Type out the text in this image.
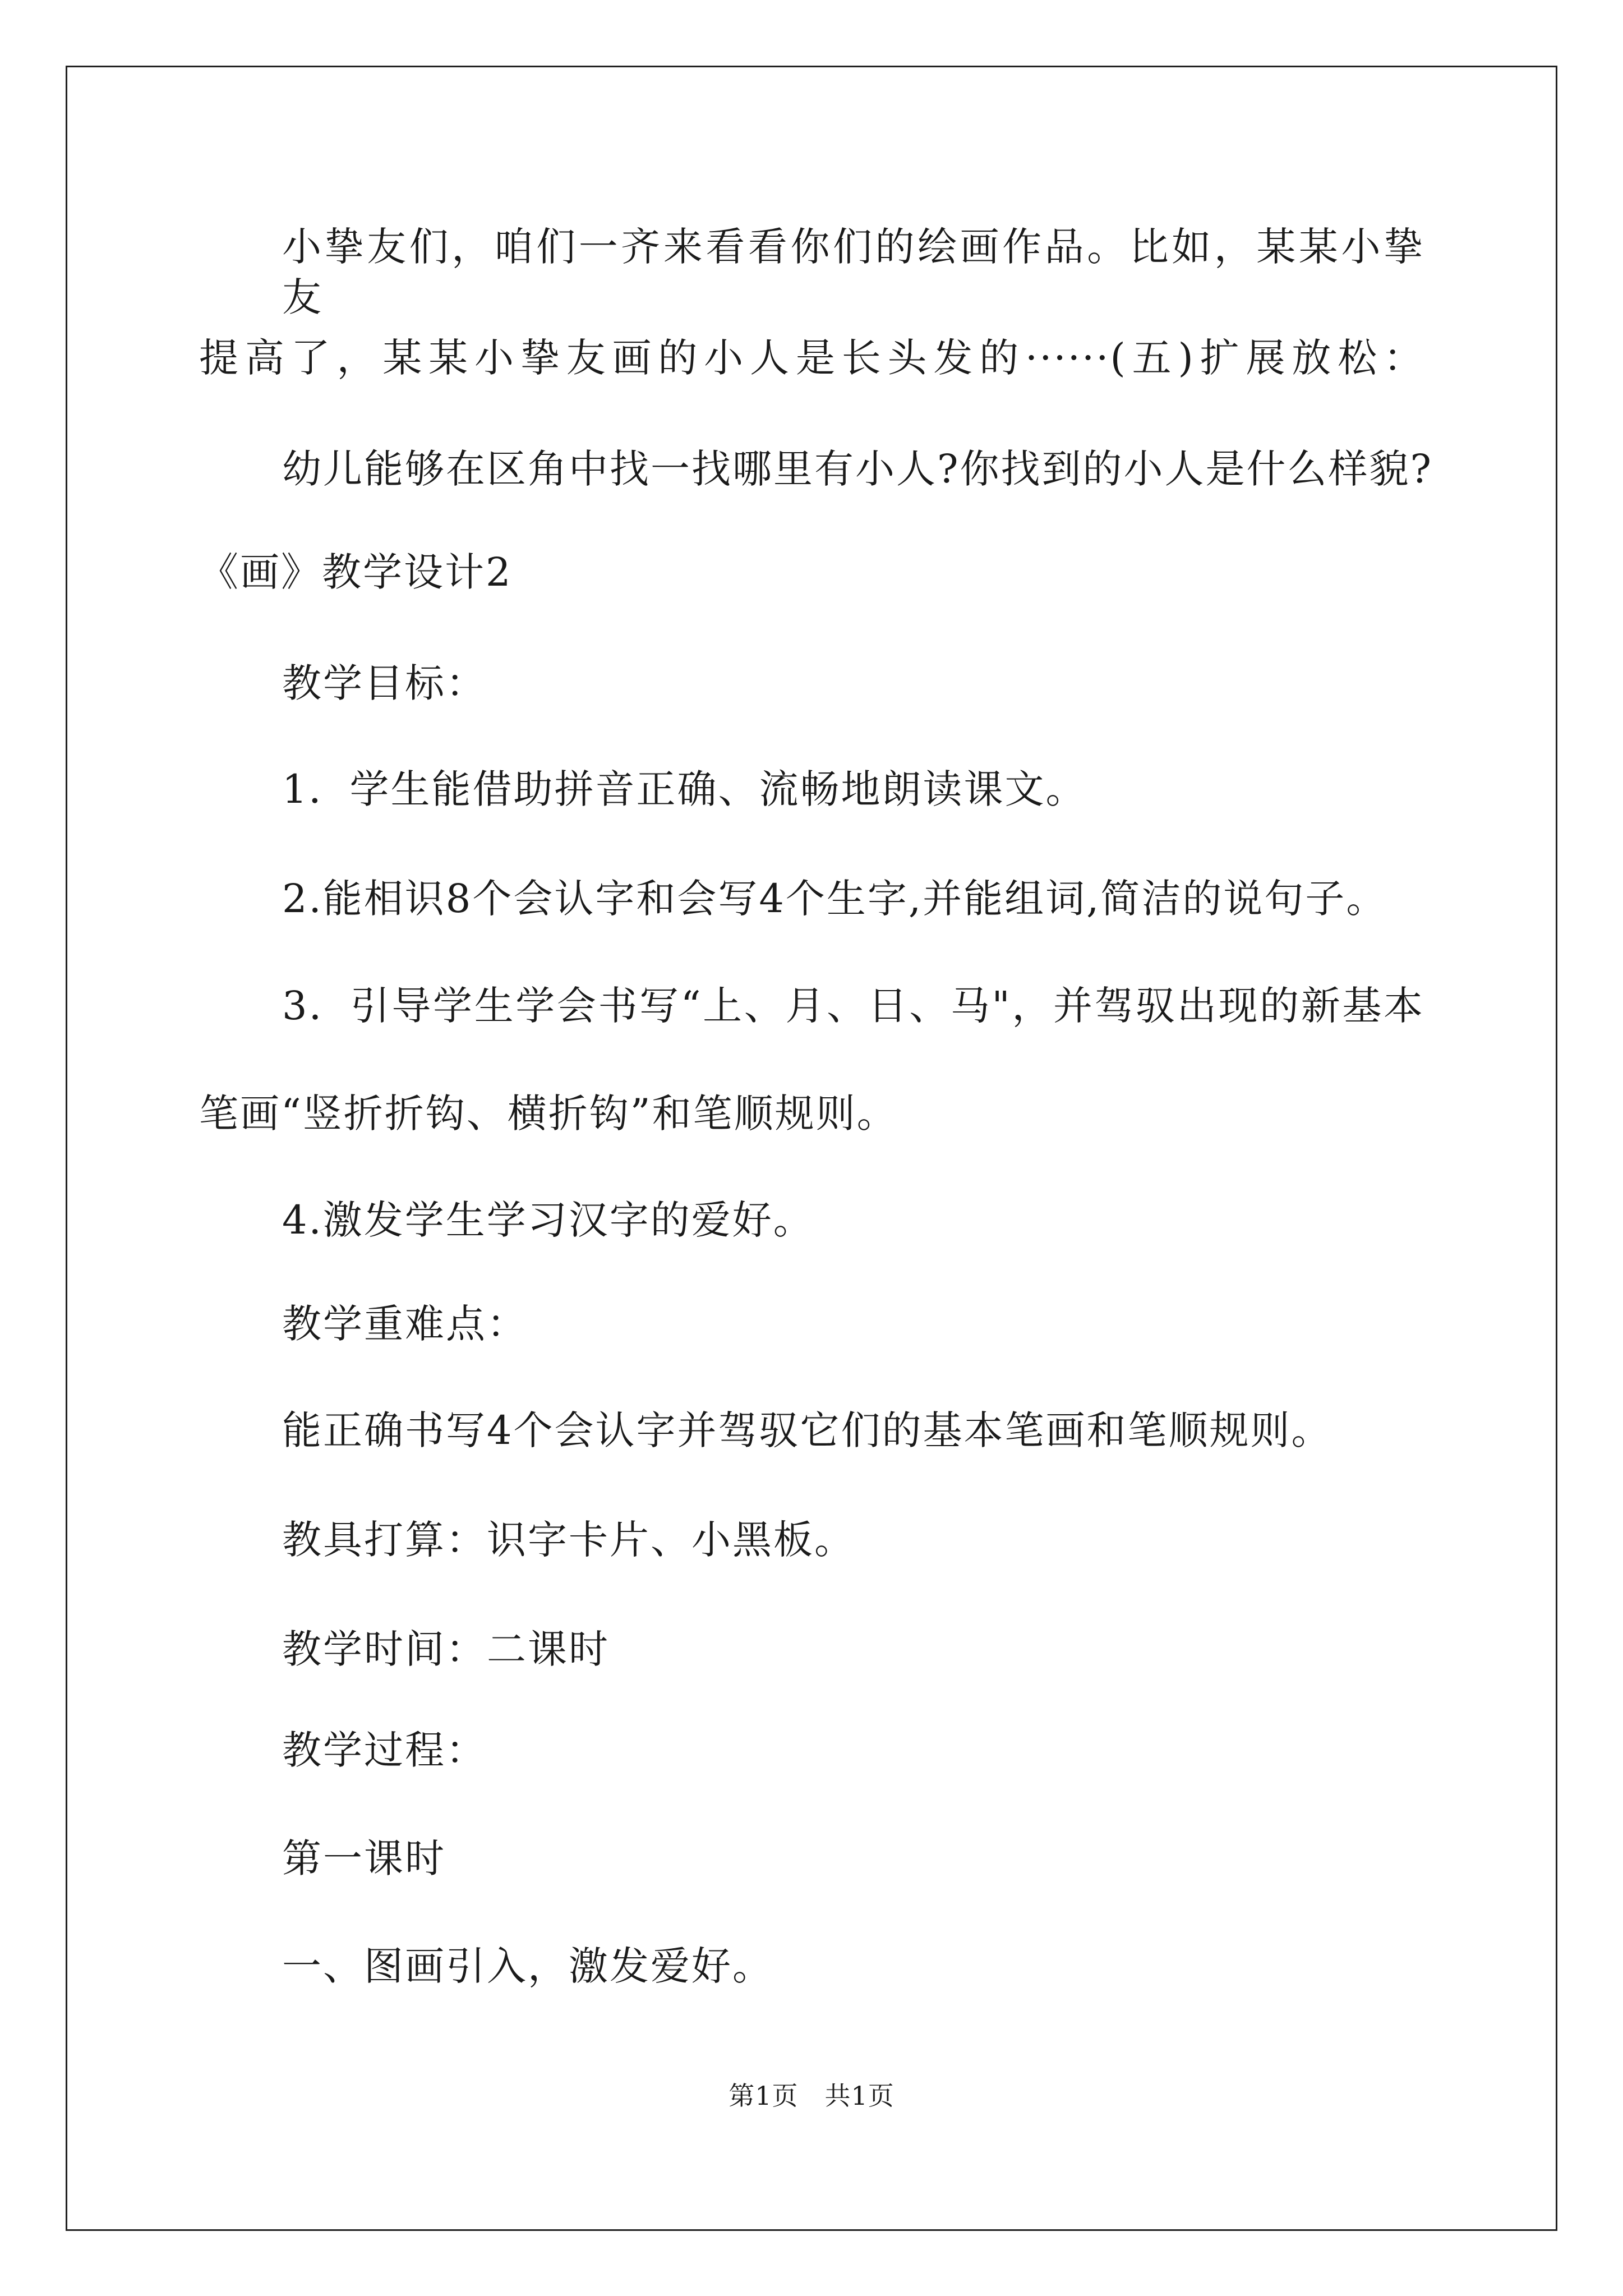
小挚友们，咱们一齐来看看你们的绘画作品。比如，某某小挚友
提高了，某某小挚友画的小人是长头发的······(五)扩展放松：
幼儿能够在区角中找一找哪里有小人?你找到的小人是什么样貌?
《画》教学设计2
教学目标：
1．学生能借助拼音正确、流畅地朗读课文。
2.能相识8个会认字和会写4个生字,并能组词,简洁的说句子。
3．引导学生学会书写“上、月、日、马"，并驾驭出现的新基本
笔画“竖折折钩、横折钩”和笔顺规则。
4.激发学生学习汉字的爱好。
教学重难点：
能正确书写4个会认字并驾驭它们的基本笔画和笔顺规则。
教具打算：识字卡片、小黑板。
教学时间：二课时
教学过程：
第一课时
一、图画引入，激发爱好。
第1页　共1页
